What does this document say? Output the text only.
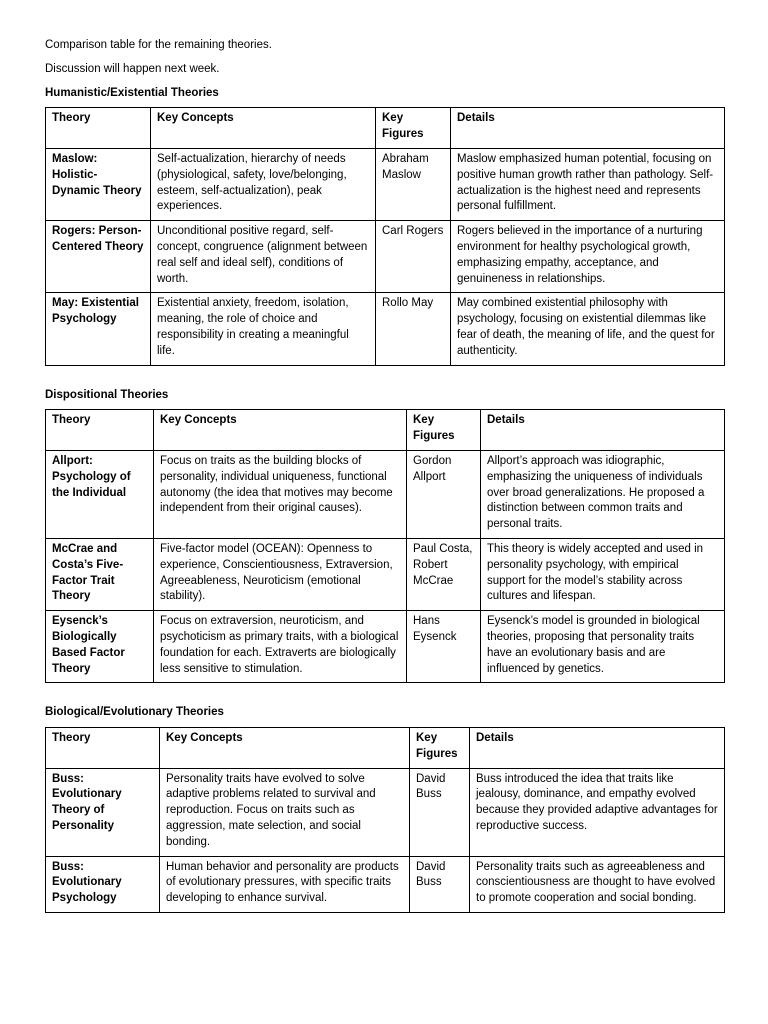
Comparison table for the remaining theories.

Discussion will happen next week.

Humanistic/Existential Theories

Theory	Key Concepts	Key Figures	Details
Maslow: Holistic-Dynamic Theory	Self-actualization, hierarchy of needs (physiological, safety, love/belonging, esteem, self-actualization), peak experiences.	Abraham Maslow	Maslow emphasized human potential, focusing on positive human growth rather than pathology. Self-actualization is the highest need and represents personal fulfillment.
Rogers: Person-Centered Theory	Unconditional positive regard, self-concept, congruence (alignment between real self and ideal self), conditions of worth.	Carl Rogers	Rogers believed in the importance of a nurturing environment for healthy psychological growth, emphasizing empathy, acceptance, and genuineness in relationships.
May: Existential Psychology	Existential anxiety, freedom, isolation, meaning, the role of choice and responsibility in creating a meaningful life.	Rollo May	May combined existential philosophy with psychology, focusing on existential dilemmas like fear of death, the meaning of life, and the quest for authenticity.

Dispositional Theories

Theory	Key Concepts	Key Figures	Details
Allport: Psychology of the Individual	Focus on traits as the building blocks of personality, individual uniqueness, functional autonomy (the idea that motives may become independent from their original causes).	Gordon Allport	Allport’s approach was idiographic, emphasizing the uniqueness of individuals over broad generalizations. He proposed a distinction between common traits and personal traits.
McCrae and Costa’s Five-Factor Trait Theory	Five-factor model (OCEAN): Openness to experience, Conscientiousness, Extraversion, Agreeableness, Neuroticism (emotional stability).	Paul Costa, Robert McCrae	This theory is widely accepted and used in personality psychology, with empirical support for the model’s stability across cultures and lifespan.
Eysenck’s Biologically Based Factor Theory	Focus on extraversion, neuroticism, and psychoticism as primary traits, with a biological foundation for each. Extraverts are biologically less sensitive to stimulation.	Hans Eysenck	Eysenck’s model is grounded in biological theories, proposing that personality traits have an evolutionary basis and are influenced by genetics.

Biological/Evolutionary Theories

Theory	Key Concepts	Key Figures	Details
Buss: Evolutionary Theory of Personality	Personality traits have evolved to solve adaptive problems related to survival and reproduction. Focus on traits such as aggression, mate selection, and social bonding.	David Buss	Buss introduced the idea that traits like jealousy, dominance, and empathy evolved because they provided adaptive advantages for reproductive success.
Buss: Evolutionary Psychology	Human behavior and personality are products of evolutionary pressures, with specific traits developing to enhance survival.	David Buss	Personality traits such as agreeableness and conscientiousness are thought to have evolved to promote cooperation and social bonding.
